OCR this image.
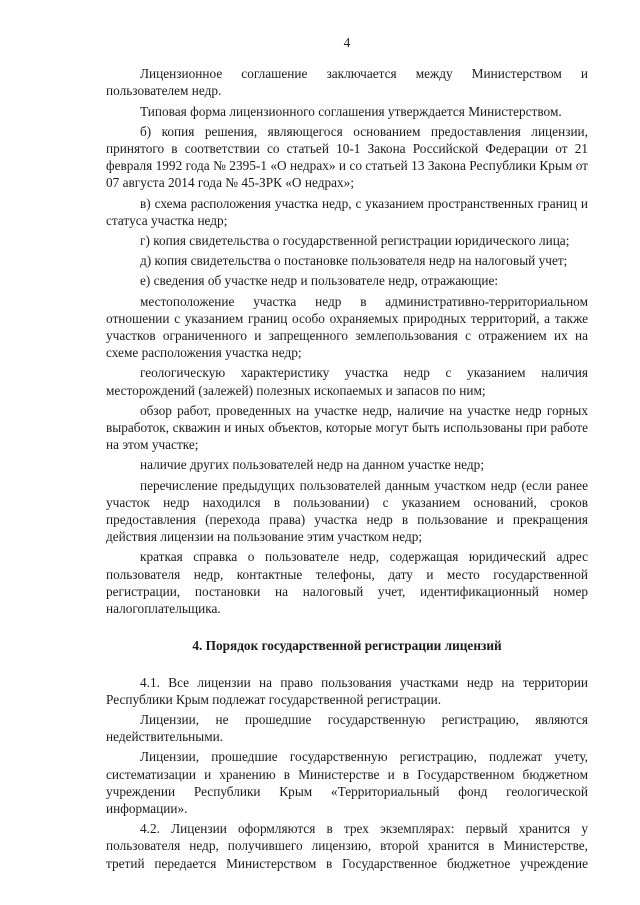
4

Лицензионное соглашение заключается между Министерством и пользователем недр.

Типовая форма лицензионного соглашения утверждается Министерством.

б) копия решения, являющегося основанием предоставления лицензии, принятого в соответствии со статьей 10-1 Закона Российской Федерации от 21 февраля 1992 года № 2395-1 «О недрах» и со статьей 13 Закона Республики Крым от 07 августа 2014 года № 45-ЗРК «О недрах»;

в) схема расположения участка недр, с указанием пространственных границ и статуса участка недр;

г) копия свидетельства о государственной регистрации юридического лица;

д) копия свидетельства о постановке пользователя недр на налоговый учет;

е) сведения об участке недр и пользователе недр, отражающие:

местоположение участка недр в административно-территориальном отношении с указанием границ особо охраняемых природных территорий, а также участков ограниченного и запрещенного землепользования с отражением их на схеме расположения участка недр;

геологическую характеристику участка недр с указанием наличия месторождений (залежей) полезных ископаемых и запасов по ним;

обзор работ, проведенных на участке недр, наличие на участке недр горных выработок, скважин и иных объектов, которые могут быть использованы при работе на этом участке;

наличие других пользователей недр на данном участке недр;

перечисление предыдущих пользователей данным участком недр (если ранее участок недр находился в пользовании) с указанием оснований, сроков предоставления (перехода права) участка недр в пользование и прекращения действия лицензии на пользование этим участком недр;

краткая справка о пользователе недр, содержащая юридический адрес пользователя недр, контактные телефоны, дату и место государственной регистрации, постановки на налоговый учет, идентификационный номер налогоплательщика.

4. Порядок государственной регистрации лицензий

4.1. Все лицензии на право пользования участками недр на территории Республики Крым подлежат государственной регистрации.

Лицензии, не прошедшие государственную регистрацию, являются недействительными.

Лицензии, прошедшие государственную регистрацию, подлежат учету, систематизации и хранению в Министерстве и в Государственном бюджетном учреждении Республики Крым «Территориальный фонд геологической информации».

4.2. Лицензии оформляются в трех экземплярах: первый хранится у пользователя недр, получившего лицензию, второй хранится в Министерстве, третий передается Министерством в Государственное бюджетное учреждение
